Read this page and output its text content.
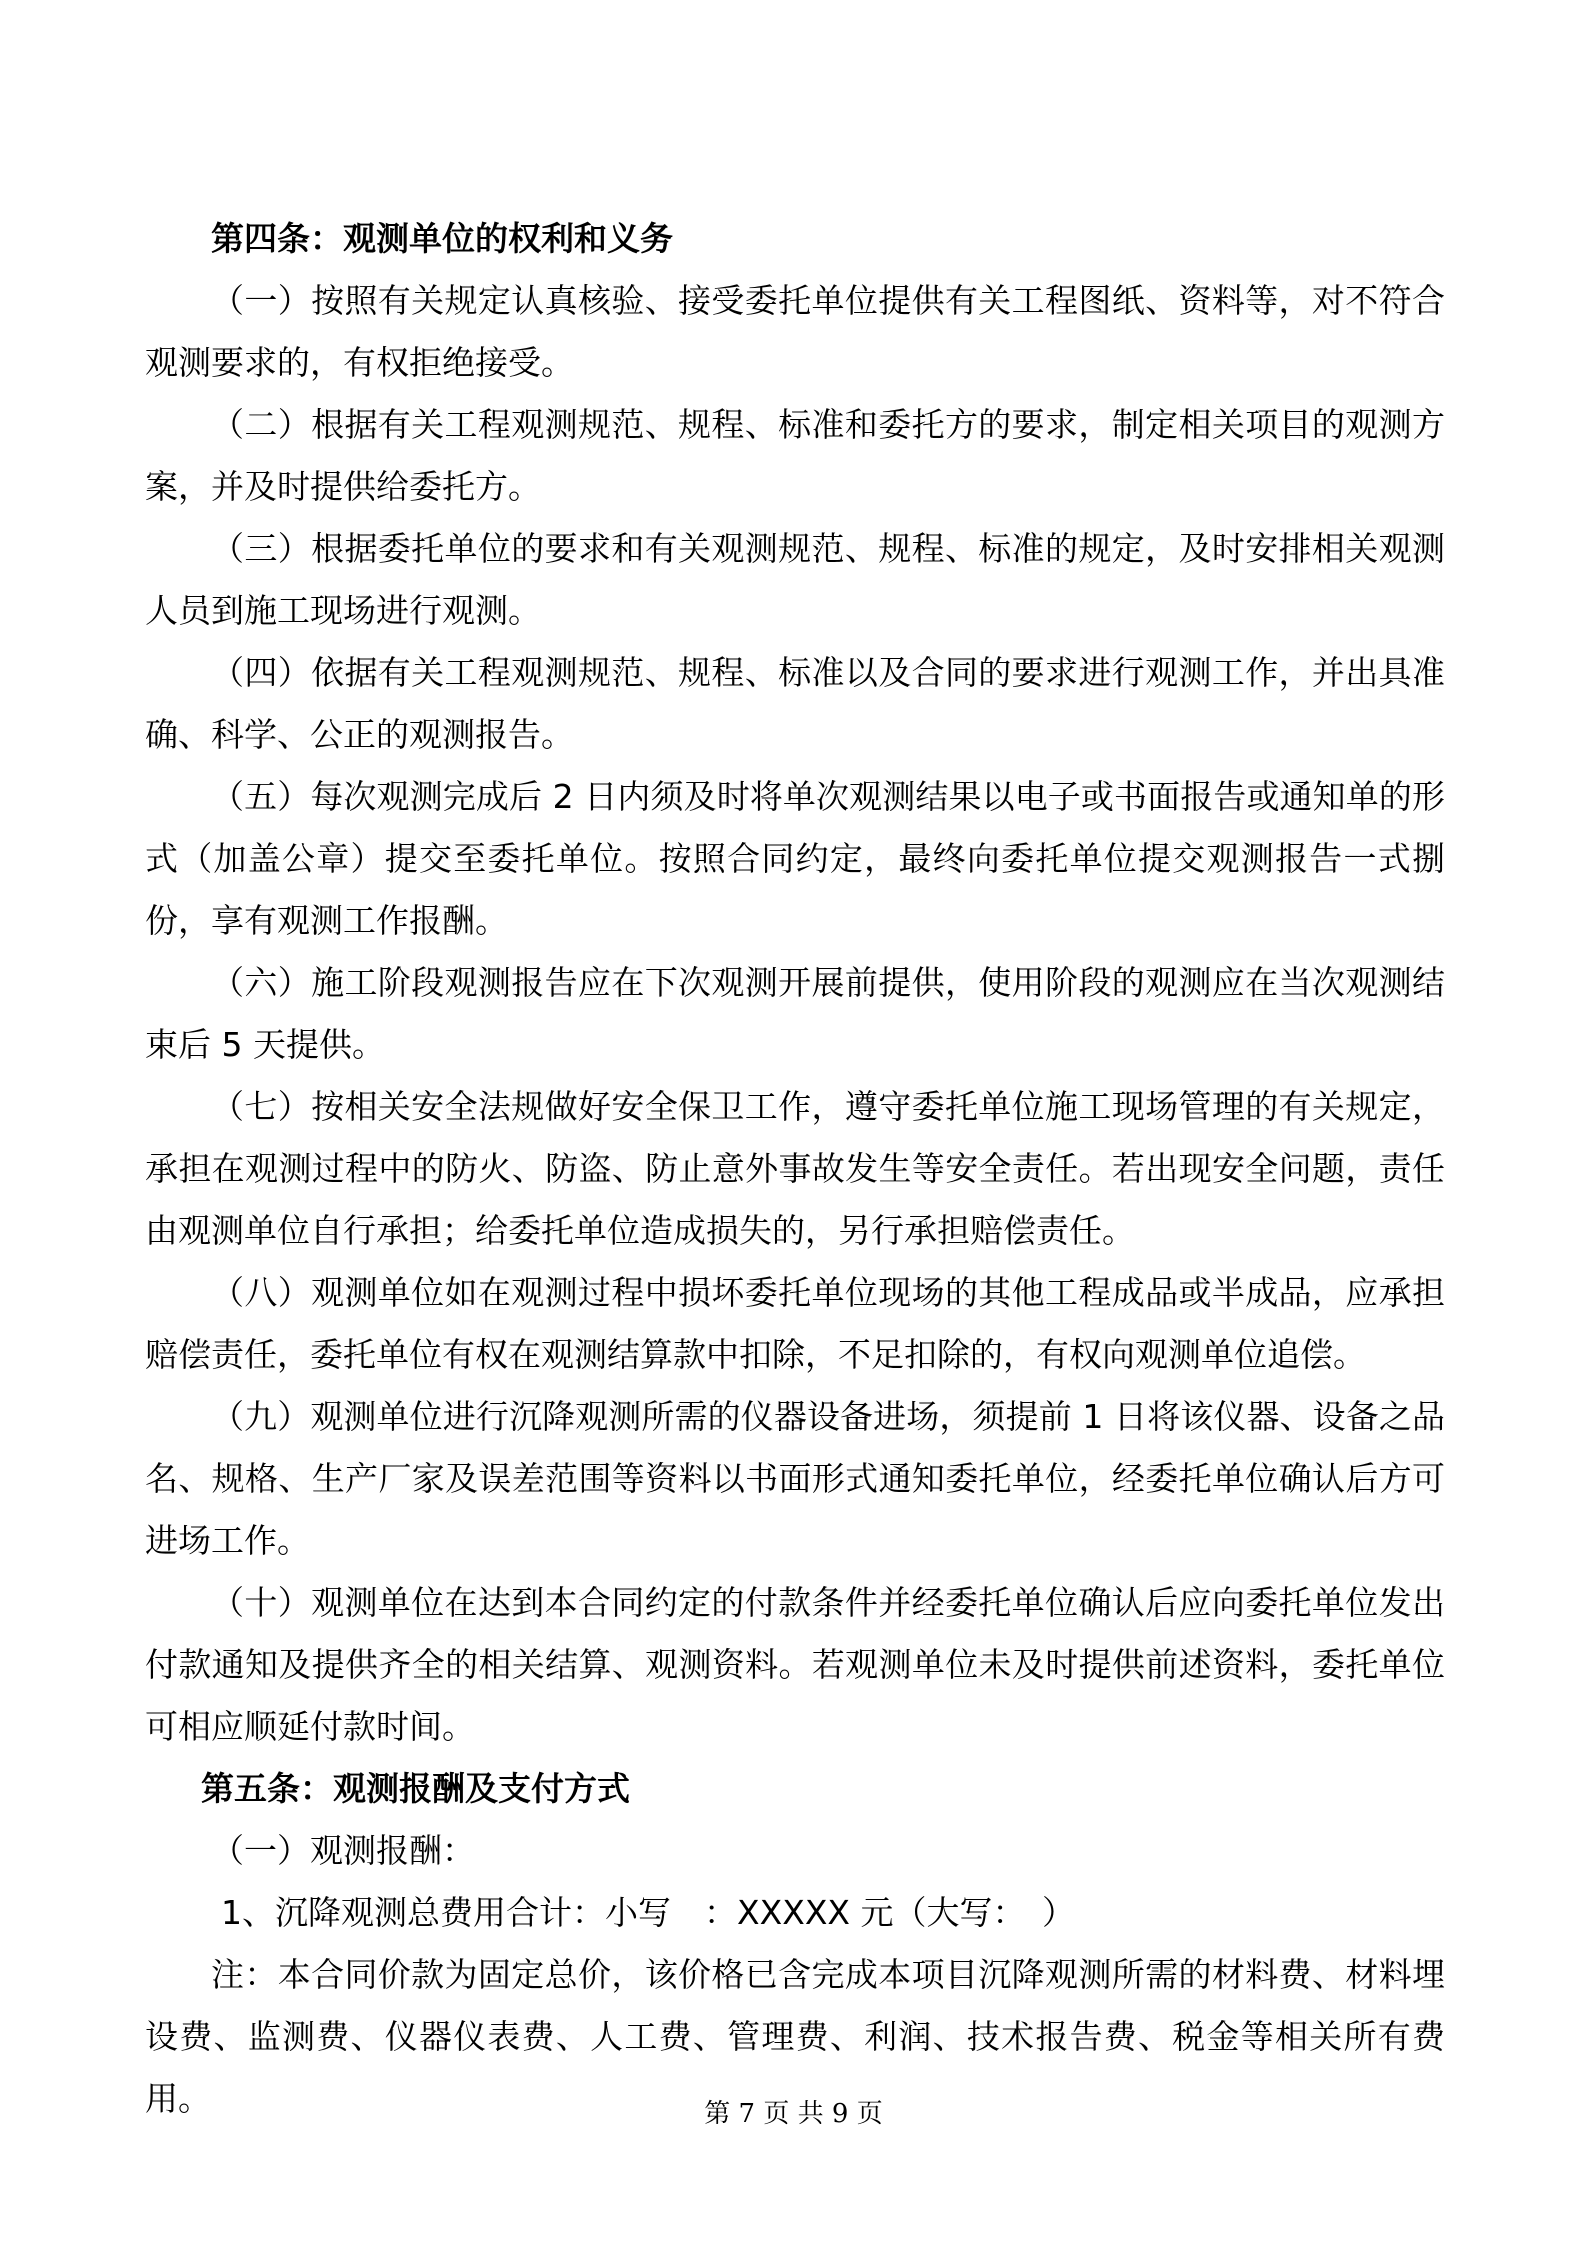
第四条：观测单位的权利和义务

（一）按照有关规定认真核验、接受委托单位提供有关工程图纸、资料等，对不符合观测要求的，有权拒绝接受。

（二）根据有关工程观测规范、规程、标准和委托方的要求，制定相关项目的观测方案，并及时提供给委托方。

（三）根据委托单位的要求和有关观测规范、规程、标准的规定，及时安排相关观测人员到施工现场进行观测。

（四）依据有关工程观测规范、规程、标准以及合同的要求进行观测工作，并出具准确、科学、公正的观测报告。

（五）每次观测完成后 2 日内须及时将单次观测结果以电子或书面报告或通知单的形式（加盖公章）提交至委托单位。按照合同约定，最终向委托单位提交观测报告一式捌份，享有观测工作报酬。

（六）施工阶段观测报告应在下次观测开展前提供，使用阶段的观测应在当次观测结束后 5 天提供。

（七）按相关安全法规做好安全保卫工作，遵守委托单位施工现场管理的有关规定，承担在观测过程中的防火、防盗、防止意外事故发生等安全责任。若出现安全问题，责任由观测单位自行承担；给委托单位造成损失的，另行承担赔偿责任。

（八）观测单位如在观测过程中损坏委托单位现场的其他工程成品或半成品，应承担赔偿责任，委托单位有权在观测结算款中扣除，不足扣除的，有权向观测单位追偿。

（九）观测单位进行沉降观测所需的仪器设备进场，须提前 1 日将该仪器、设备之品名、规格、生产厂家及误差范围等资料以书面形式通知委托单位，经委托单位确认后方可进场工作。

（十）观测单位在达到本合同约定的付款条件并经委托单位确认后应向委托单位发出付款通知及提供齐全的相关结算、观测资料。若观测单位未及时提供前述资料，委托单位可相应顺延付款时间。

第五条：观测报酬及支付方式

（一）观测报酬：

1、沉降观测总费用合计：小写　：XXXXX 元（大写：　）

注：本合同价款为固定总价，该价格已含完成本项目沉降观测所需的材料费、材料埋设费、监测费、仪器仪表费、人工费、管理费、利润、技术报告费、税金等相关所有费用。	第 7 页 共 9 页
